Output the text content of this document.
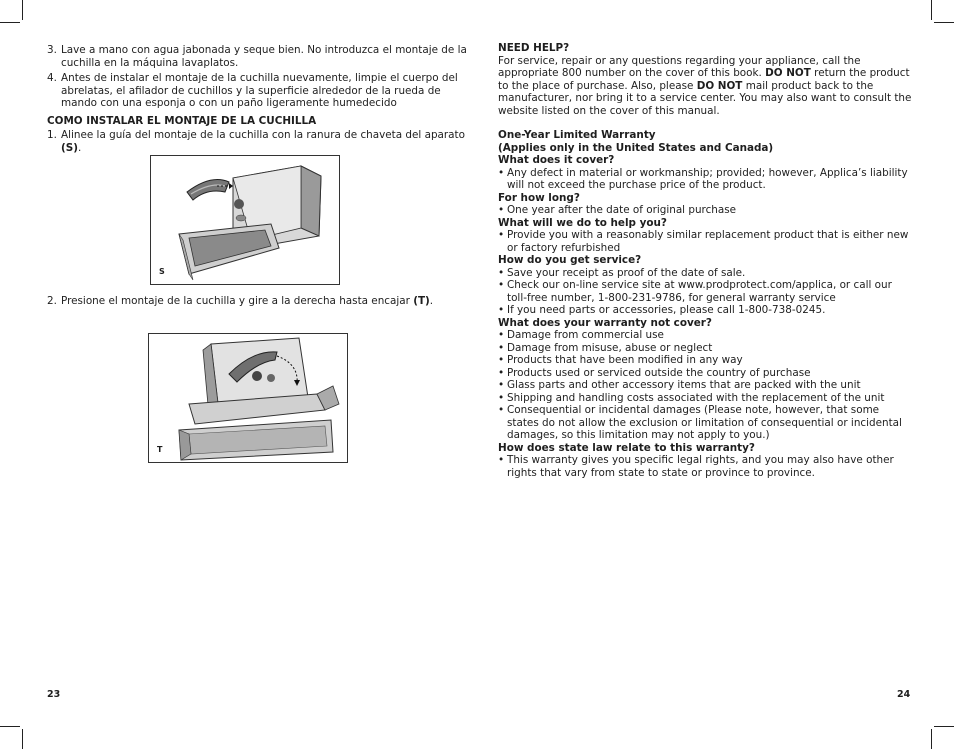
3. Lave a mano con agua jabonada y seque bien. No introduzca el montaje de la cuchilla en la máquina lavaplatos.
4. Antes de instalar el montaje de la cuchilla nuevamente, limpie el cuerpo del abrelatas, el afilador de cuchillos y la superficie alrededor de la rueda de mando con una esponja o con un paño ligeramente humedecido
COMO INSTALAR EL MONTAJE DE LA CUCHILLA
1. Alinee la guía del montaje de la cuchilla con la ranura de chaveta del aparato (S).
S
2. Presione el montaje de la cuchilla y gire a la derecha hasta encajar (T).
T
23
NEED HELP?

For service, repair or any questions regarding your appliance, call the appropriate 800 number on the cover of this book. DO NOT return the product to the place of purchase. Also, please DO NOT mail product back to the manufacturer, nor bring it to a service center. You may also want to consult the website listed on the cover of this manual.

One-Year Limited Warranty
(Applies only in the United States and Canada)
What does it cover?
• Any defect in material or workmanship; provided; however, Applica’s liability will not exceed the purchase price of the product.
For how long?
• One year after the date of original purchase
What will we do to help you?
• Provide you with a reasonably similar replacement product that is either new or factory refurbished
How do you get service?
• Save your receipt as proof of the date of sale.
• Check our on-line service site at www.prodprotect.com/applica, or call our toll-free number, 1-800-231-9786, for general warranty service
• If you need parts or accessories, please call 1-800-738-0245.
What does your warranty not cover?
• Damage from commercial use
• Damage from misuse, abuse or neglect
• Products that have been modified in any way
• Products used or serviced outside the country of purchase
• Glass parts and other accessory items that are packed with the unit
• Shipping and handling costs associated with the replacement of the unit
• Consequential or incidental damages (Please note, however, that some states do not allow the exclusion or limitation of consequential or incidental damages, so this limitation may not apply to you.)
How does state law relate to this warranty?
• This warranty gives you specific legal rights, and you may also have other rights that vary from state to state or province to province.
24
